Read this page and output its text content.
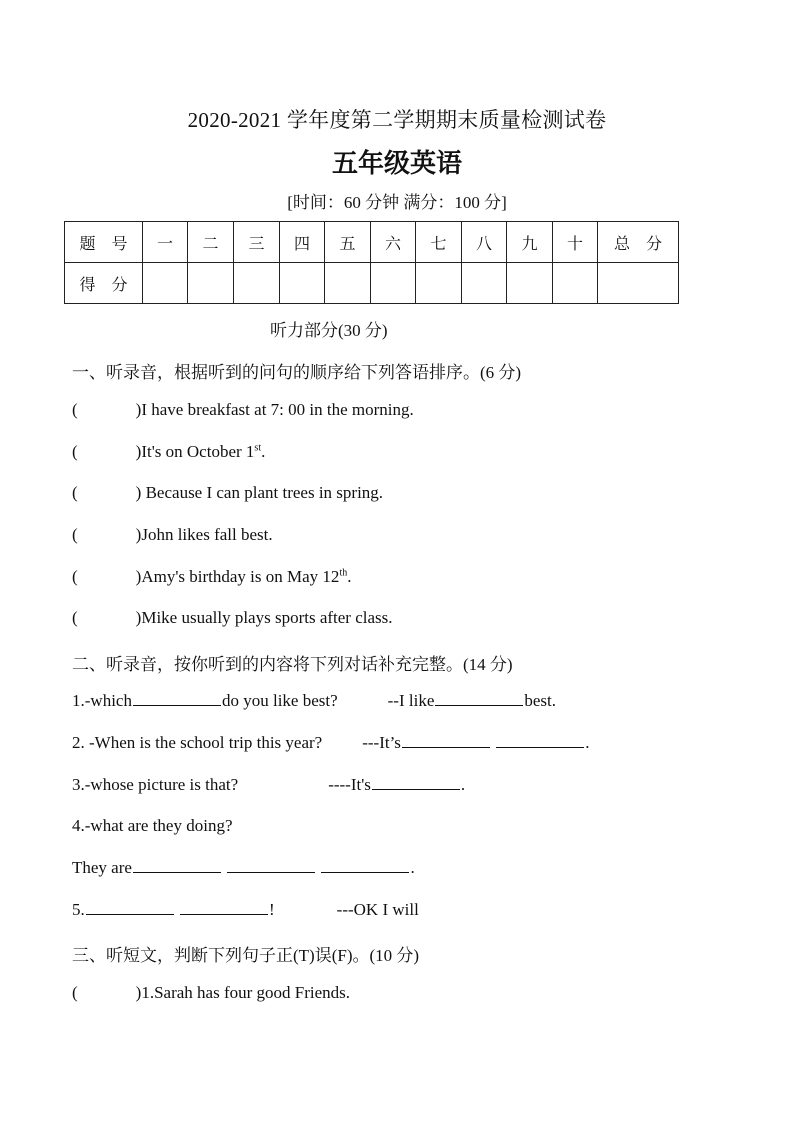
2020-2021 学年度第二学期期末质量检测试卷
五年级英语
[时间：60 分钟 满分：100 分]
题　号	一	二	三	四	五	六	七	八	九	十	总　分
得　分											
听力部分(30 分)
一、听录音，根据听到的问句的顺序给下列答语排序。(6 分)
(	)I have breakfast at 7: 00 in the morning.
(	)It's on October 1st.
(	) Because I can plant trees in spring.
(	)John likes fall best.
(	)Amy's birthday is on May 12th.
(	)Mike usually plays sports after class.
二、听录音，按你听到的内容将下列对话补充完整。(14 分)
1.-which	do you like best?	--I like	best.
2. -When is the school trip this year? ---It’s	.
3.-whose picture is that?	----It's	.
4.-what are they doing?
They are	.
5.	!	---OK I will
三、听短文，判断下列句子正(T)误(F)。(10 分)
(	)1.Sarah has four good Friends.
